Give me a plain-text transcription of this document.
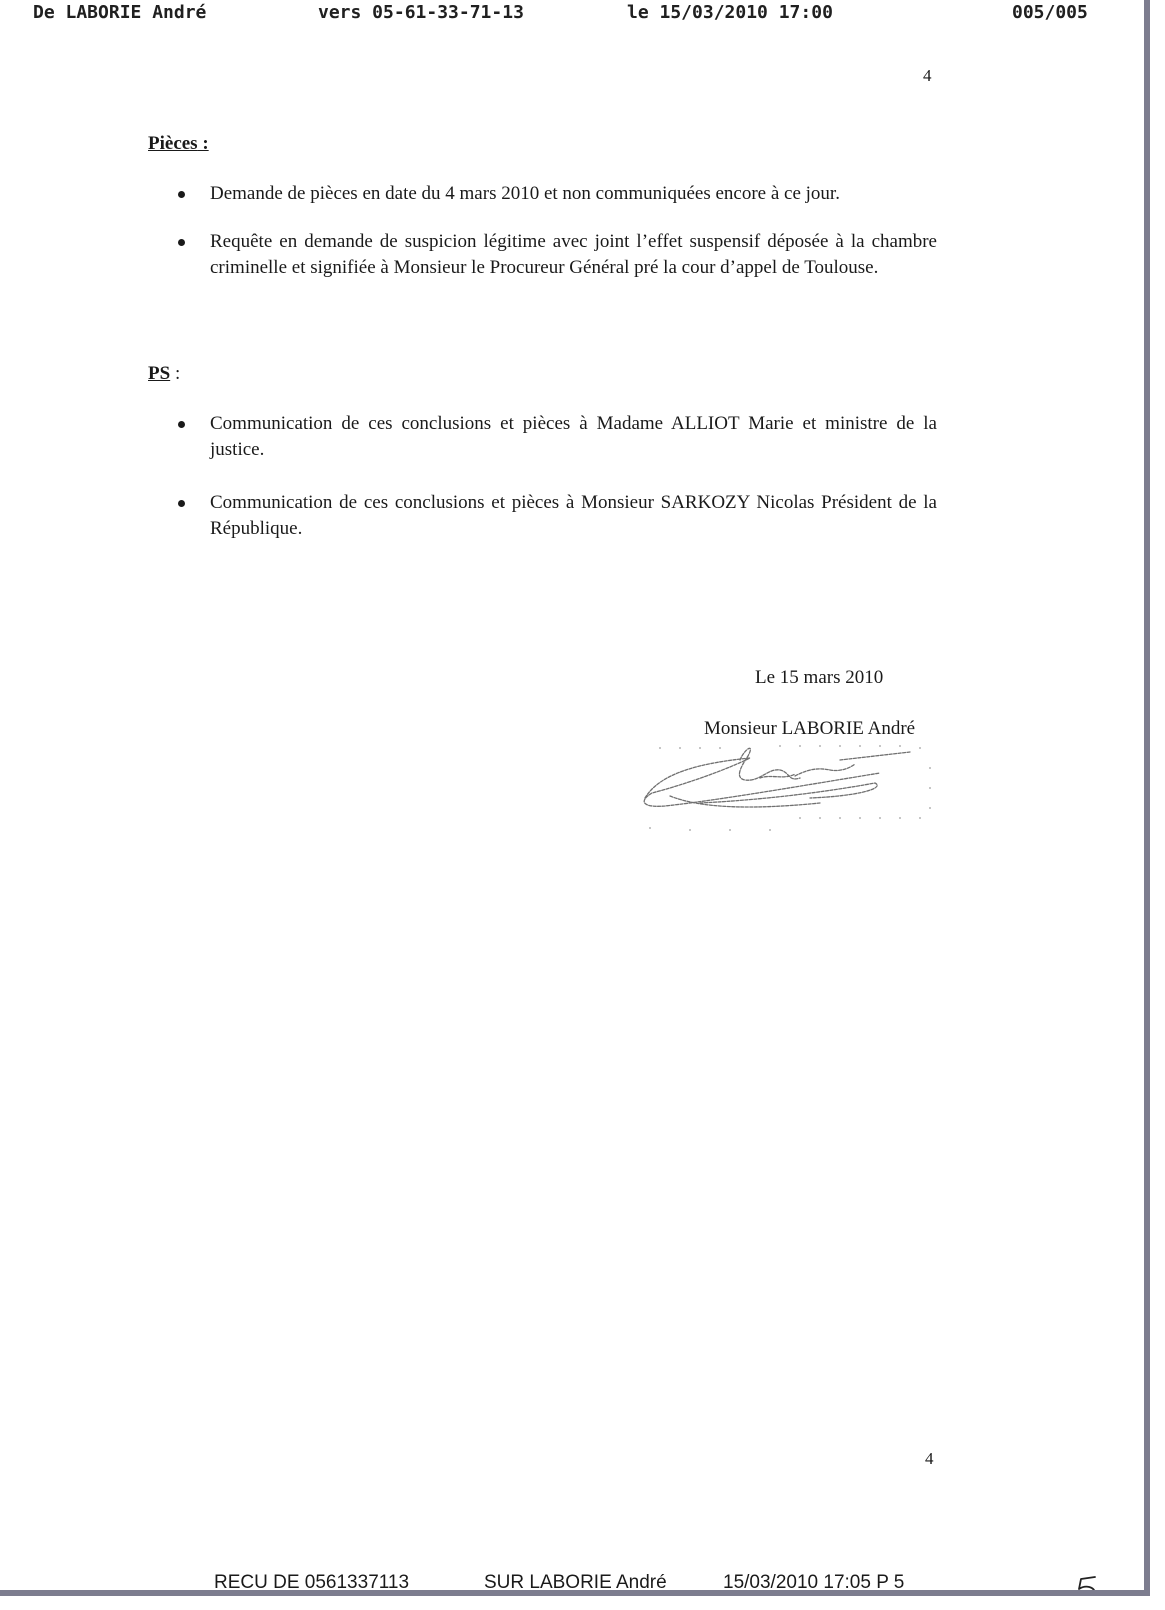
De LABORIE André	vers 05-61-33-71-13	le 15/03/2010 17:00	005/005
4
Pièces :
Demande de pièces en date du 4 mars 2010 et non communiquées encore à ce jour.
Requête en demande de suspicion légitime avec joint l’effet suspensif déposée à la chambre criminelle et signifiée à Monsieur le Procureur Général pré la cour d’appel de Toulouse.
PS :
Communication de ces conclusions et pièces à Madame ALLIOT Marie et ministre de la justice.
Communication de ces conclusions et pièces à Monsieur SARKOZY Nicolas Président de la République.
Le 15 mars 2010
Monsieur LABORIE André
4
RECU DE 0561337113	SUR LABORIE André	15/03/2010 17:05 P 5
